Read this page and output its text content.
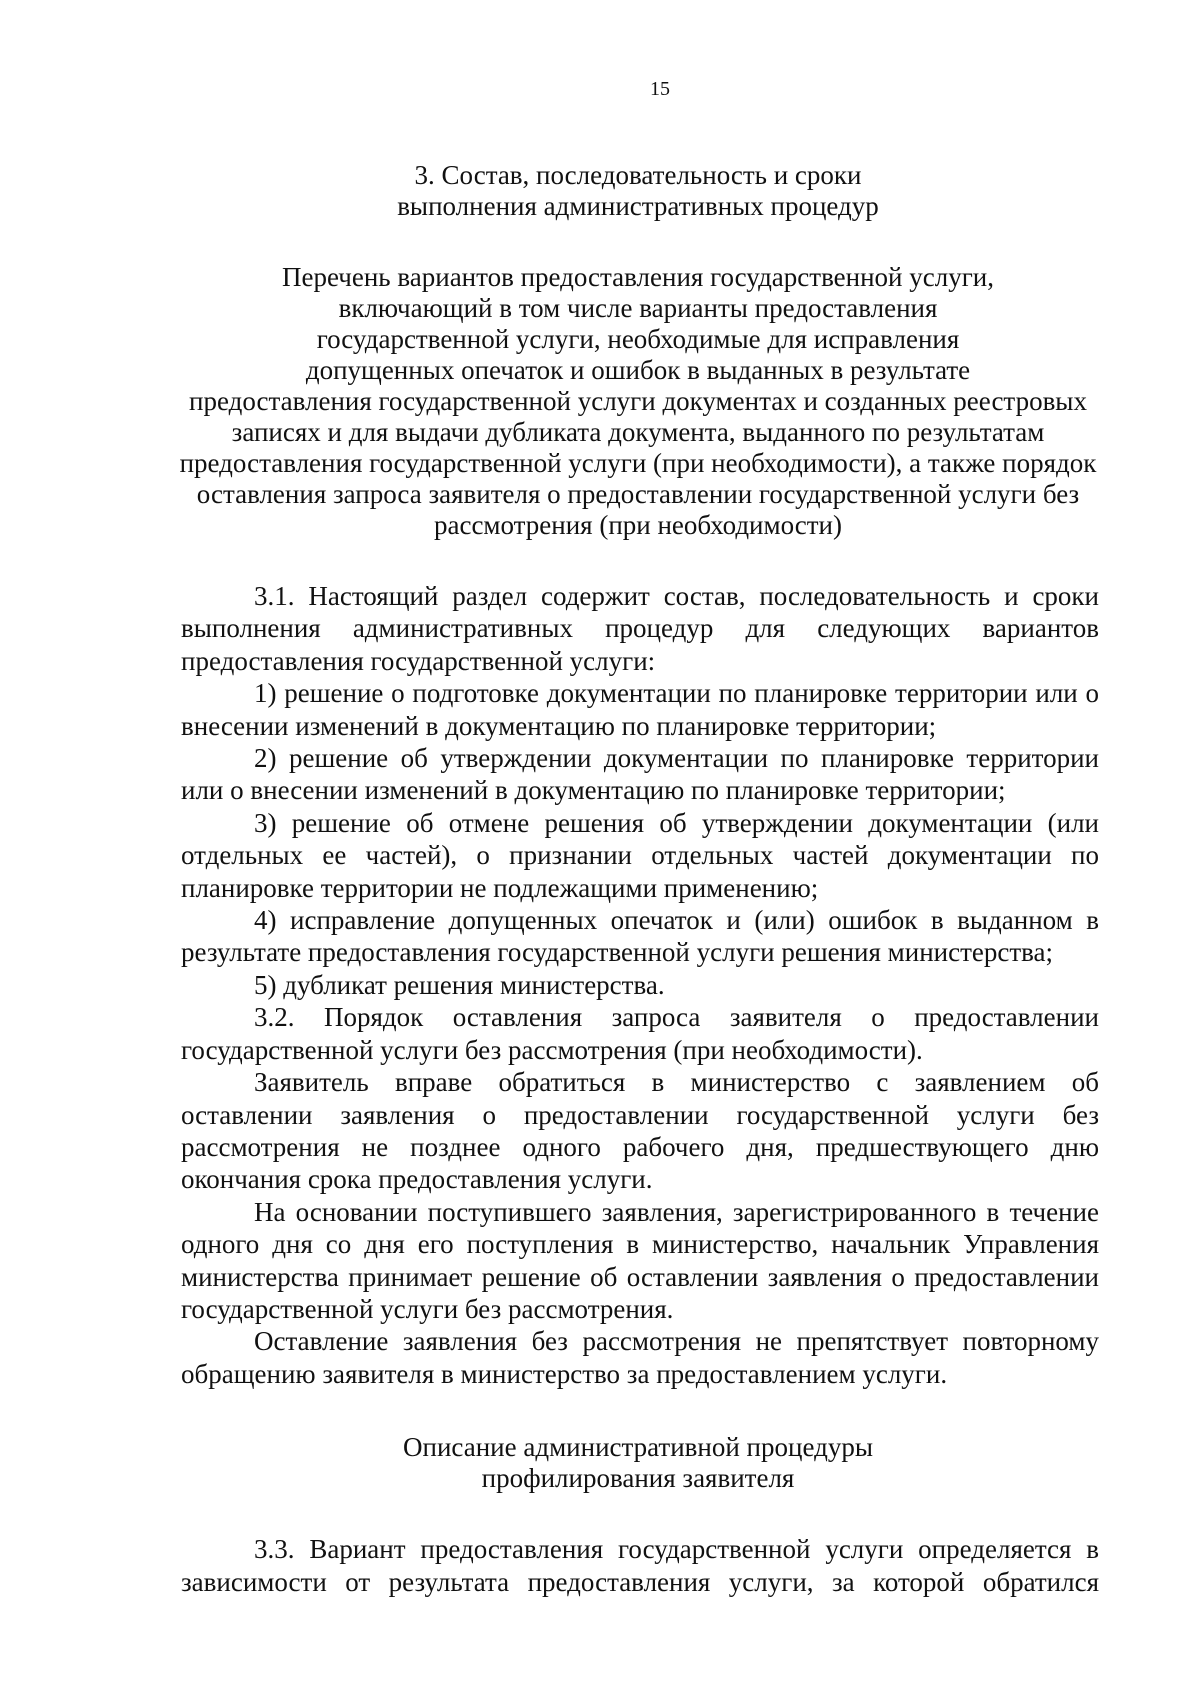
15
3. Состав, последовательность и сроки
выполнения административных процедур
Перечень вариантов предоставления государственной услуги,
включающий в том числе варианты предоставления
государственной услуги, необходимые для исправления
допущенных опечаток и ошибок в выданных в результате
предоставления государственной услуги документах и созданных реестровых
записях и для выдачи дубликата документа, выданного по результатам
предоставления государственной услуги (при необходимости), а также порядок
оставления запроса заявителя о предоставлении государственной услуги без
рассмотрения (при необходимости)

3.1. Настоящий раздел содержит состав, последовательность и сроки выполнения административных процедур для следующих вариантов предоставления государственной услуги:

1) решение о подготовке документации по планировке территории или о внесении изменений в документацию по планировке территории;

2) решение об утверждении документации по планировке территории или о внесении изменений в документацию по планировке территории;

3) решение об отмене решения об утверждении документации (или отдельных ее частей), о признании отдельных частей документации по планировке территории не подлежащими применению;

4) исправление допущенных опечаток и (или) ошибок в выданном в результате предоставления государственной услуги решения министерства;

5) дубликат решения министерства.

3.2. Порядок оставления запроса заявителя о предоставлении государственной услуги без рассмотрения (при необходимости).

Заявитель вправе обратиться в министерство с заявлением об оставлении заявления о предоставлении государственной услуги без рассмотрения не позднее одного рабочего дня, предшествующего дню окончания срока предоставления услуги.

На основании поступившего заявления, зарегистрированного в течение одного дня со дня его поступления в министерство, начальник Управления министерства принимает решение об оставлении заявления о предоставлении государственной услуги без рассмотрения.

Оставление заявления без рассмотрения не препятствует повторному обращению заявителя в министерство за предоставлением услуги.

Описание административной процедуры
профилирования заявителя

3.3. Вариант предоставления государственной услуги определяется в зависимости от результата предоставления услуги, за которой обратился
